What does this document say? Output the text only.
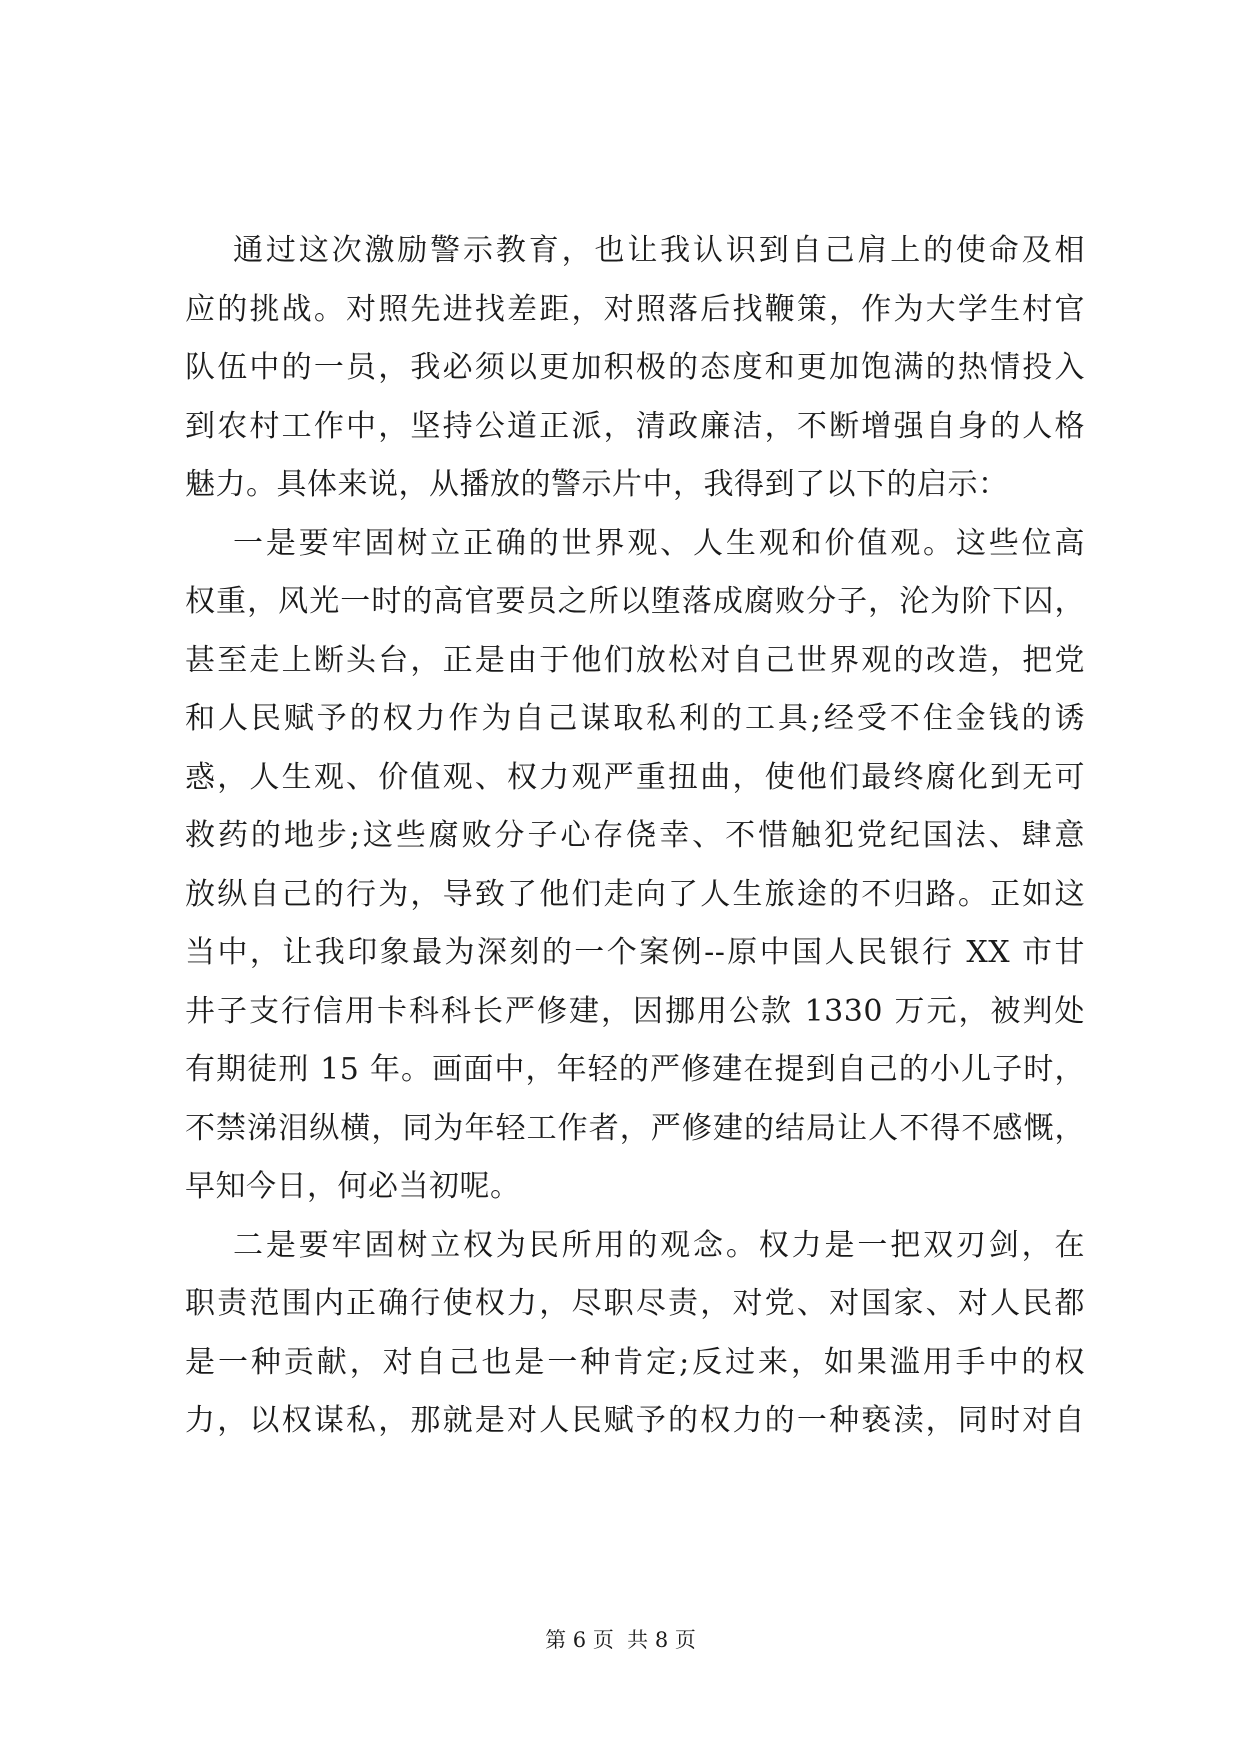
通过这次激励警示教育，也让我认识到自己肩上的使命及相
应的挑战。对照先进找差距，对照落后找鞭策，作为大学生村官
队伍中的一员，我必须以更加积极的态度和更加饱满的热情投入
到农村工作中，坚持公道正派，清政廉洁，不断增强自身的人格
魅力。具体来说，从播放的警示片中，我得到了以下的启示：
一是要牢固树立正确的世界观、人生观和价值观。这些位高
权重，风光一时的高官要员之所以堕落成腐败分子，沦为阶下囚，
甚至走上断头台，正是由于他们放松对自己世界观的改造，把党
和人民赋予的权力作为自己谋取私利的工具;经受不住金钱的诱
惑，人生观、价值观、权力观严重扭曲，使他们最终腐化到无可
救药的地步;这些腐败分子心存侥幸、不惜触犯党纪国法、肆意
放纵自己的行为，导致了他们走向了人生旅途的不归路。正如这
当中，让我印象最为深刻的一个案例--原中国人民银行 XX 市甘
井子支行信用卡科科长严修建，因挪用公款 1330 万元，被判处
有期徒刑 15 年。画面中，年轻的严修建在提到自己的小儿子时，
不禁涕泪纵横，同为年轻工作者，严修建的结局让人不得不感慨，
早知今日，何必当初呢。
二是要牢固树立权为民所用的观念。权力是一把双刃剑，在
职责范围内正确行使权力，尽职尽责，对党、对国家、对人民都
是一种贡献，对自己也是一种肯定;反过来，如果滥用手中的权
力，以权谋私，那就是对人民赋予的权力的一种亵渎，同时对自
第 6 页  共 8 页
